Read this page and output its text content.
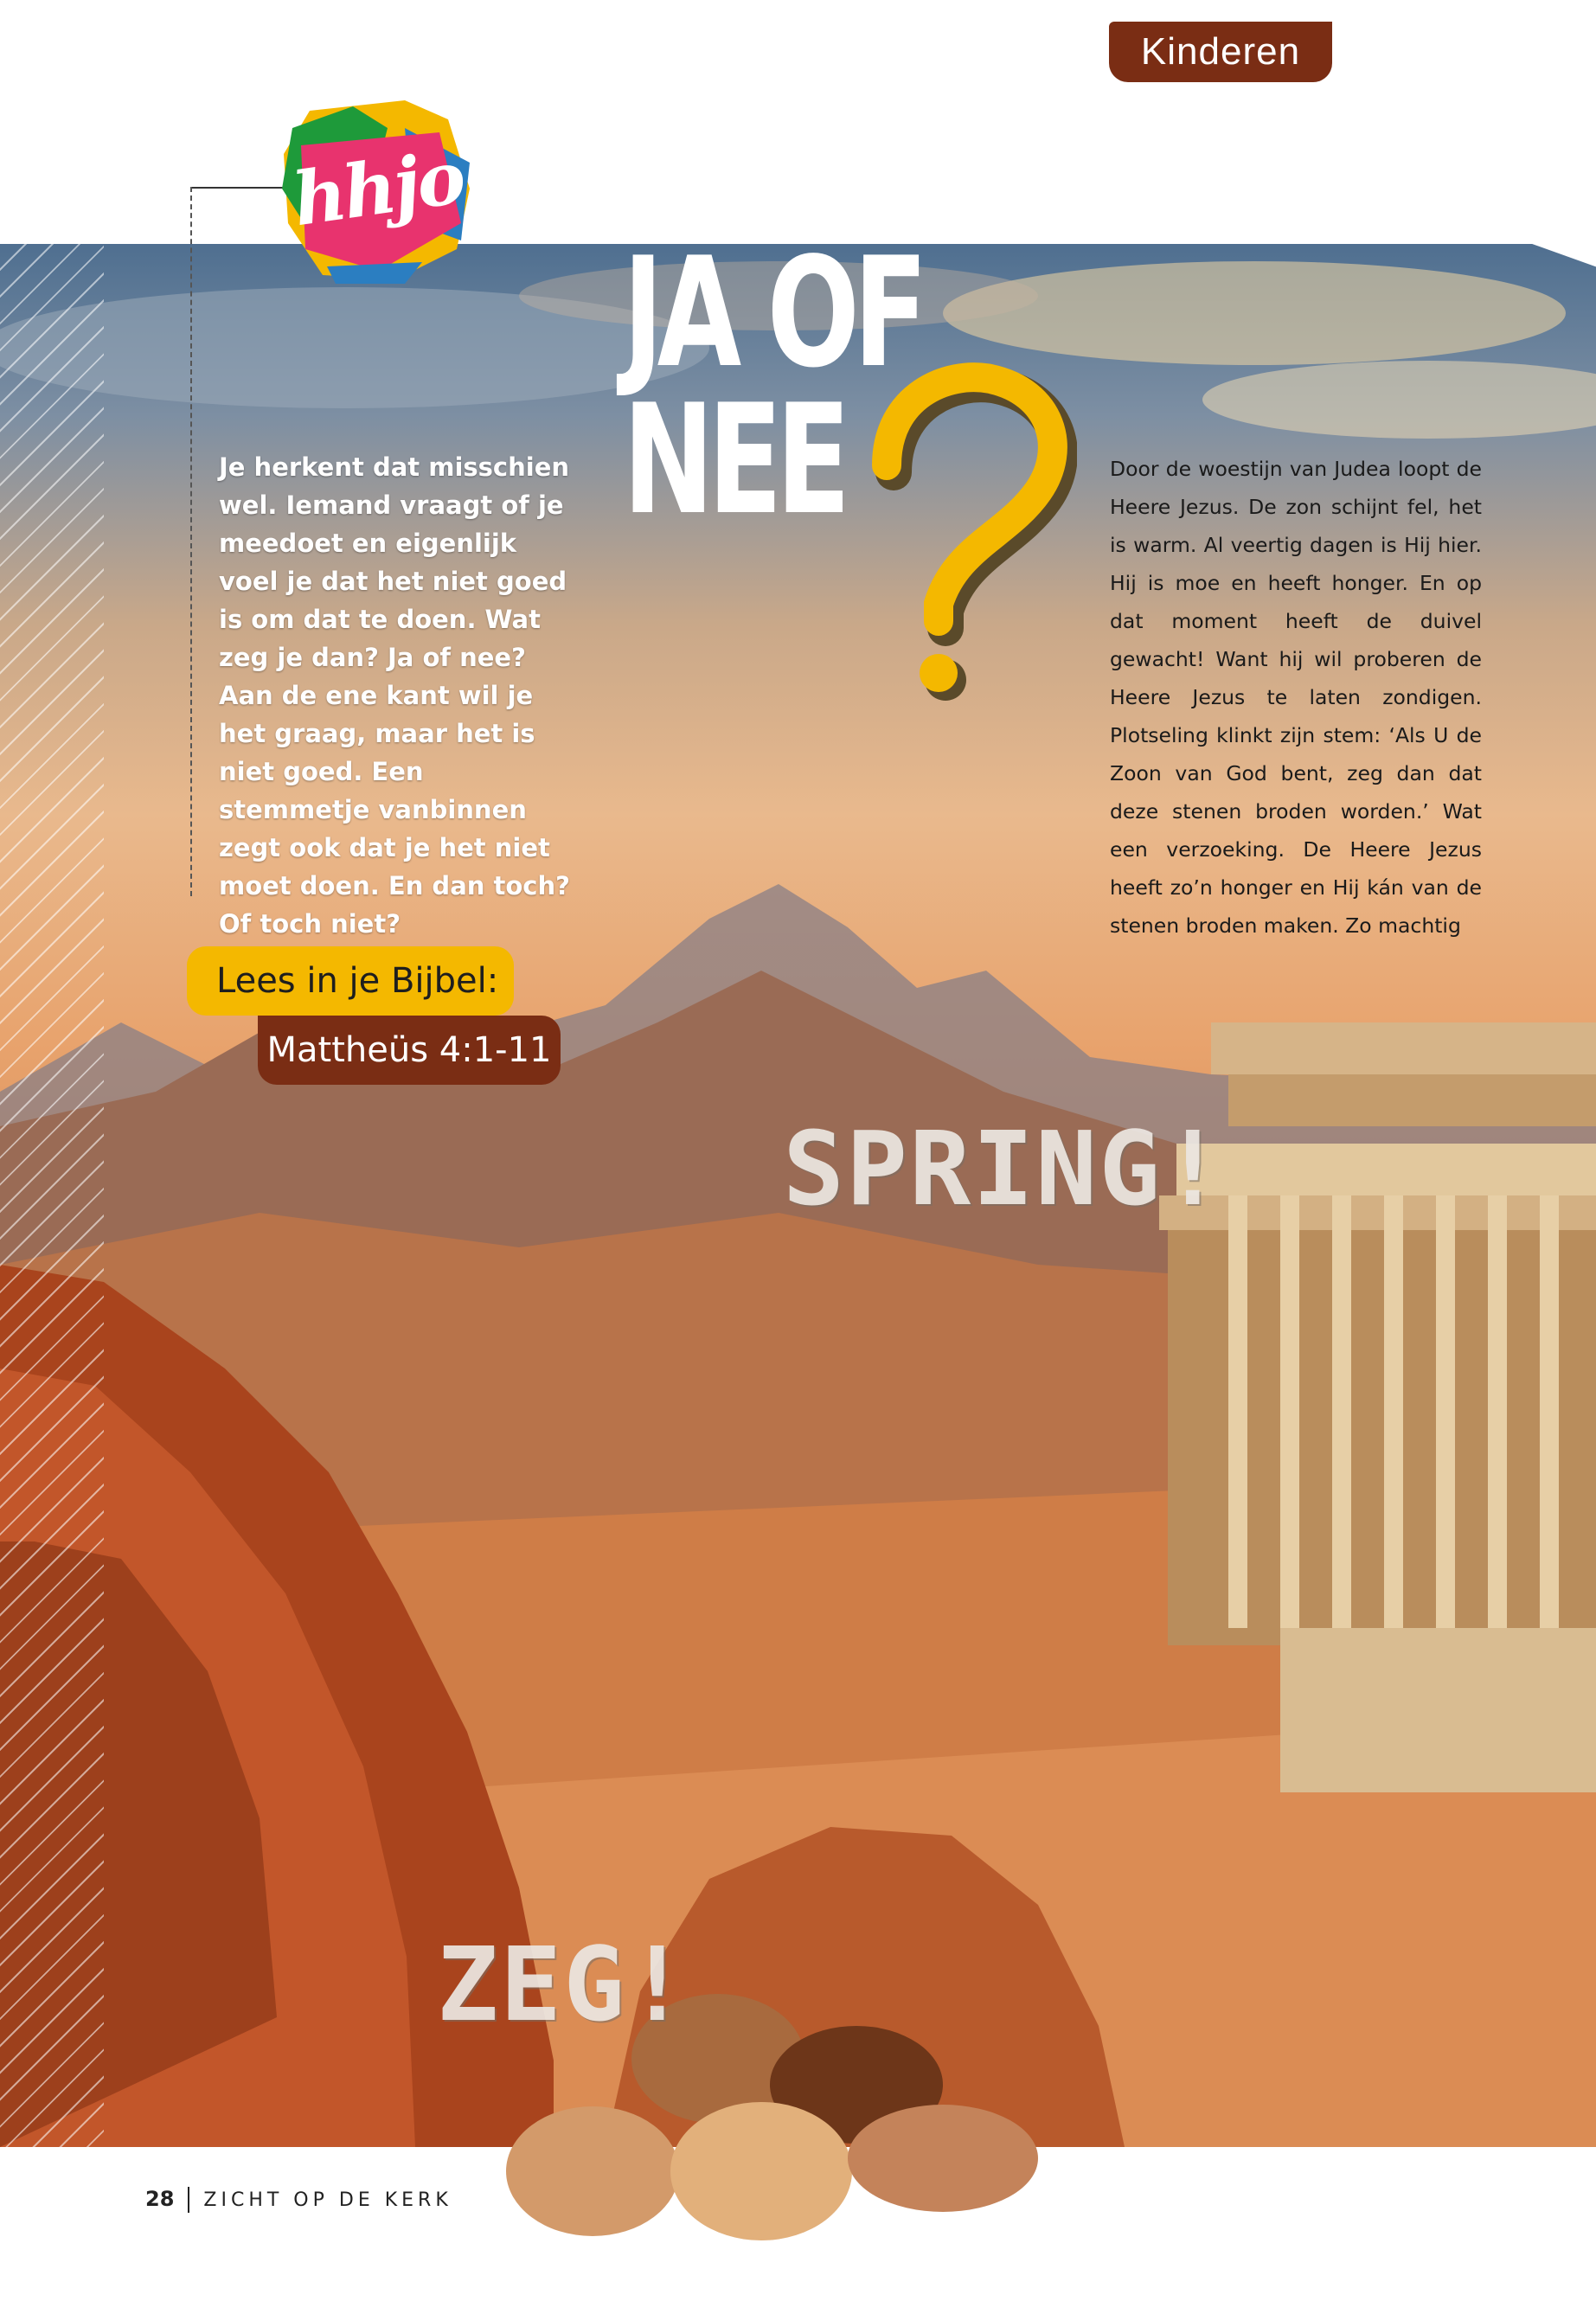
Kinderen
hhjo
JA OF
NEE
Je herkent dat misschien wel. Iemand vraagt of je meedoet en eigenlijk voel je dat het niet goed is om dat te doen. Wat zeg je dan? Ja of nee? Aan de ene kant wil je het graag, maar het is niet goed. Een stemmetje vanbinnen zegt ook dat je het niet moet doen. En dan toch? Of toch niet?
Door de woestijn van Judea loopt de Heere Jezus. De zon schijnt fel, het is warm. Al veertig dagen is Hij hier. Hij is moe en heeft honger. En op dat moment heeft de duivel gewacht! Want hij wil proberen de Heere Jezus te laten zondigen. Plotseling klinkt zijn stem: ‘Als U de Zoon van God bent, zeg dan dat deze stenen broden worden.’ Wat een verzoeking. De Heere Jezus heeft zo’n honger en Hij kán van de stenen broden maken. Zo machtig
Lees in je Bijbel:
Mattheüs 4:1-11
SPRING!
ZEG!
28 ZICHT OP DE KERK
